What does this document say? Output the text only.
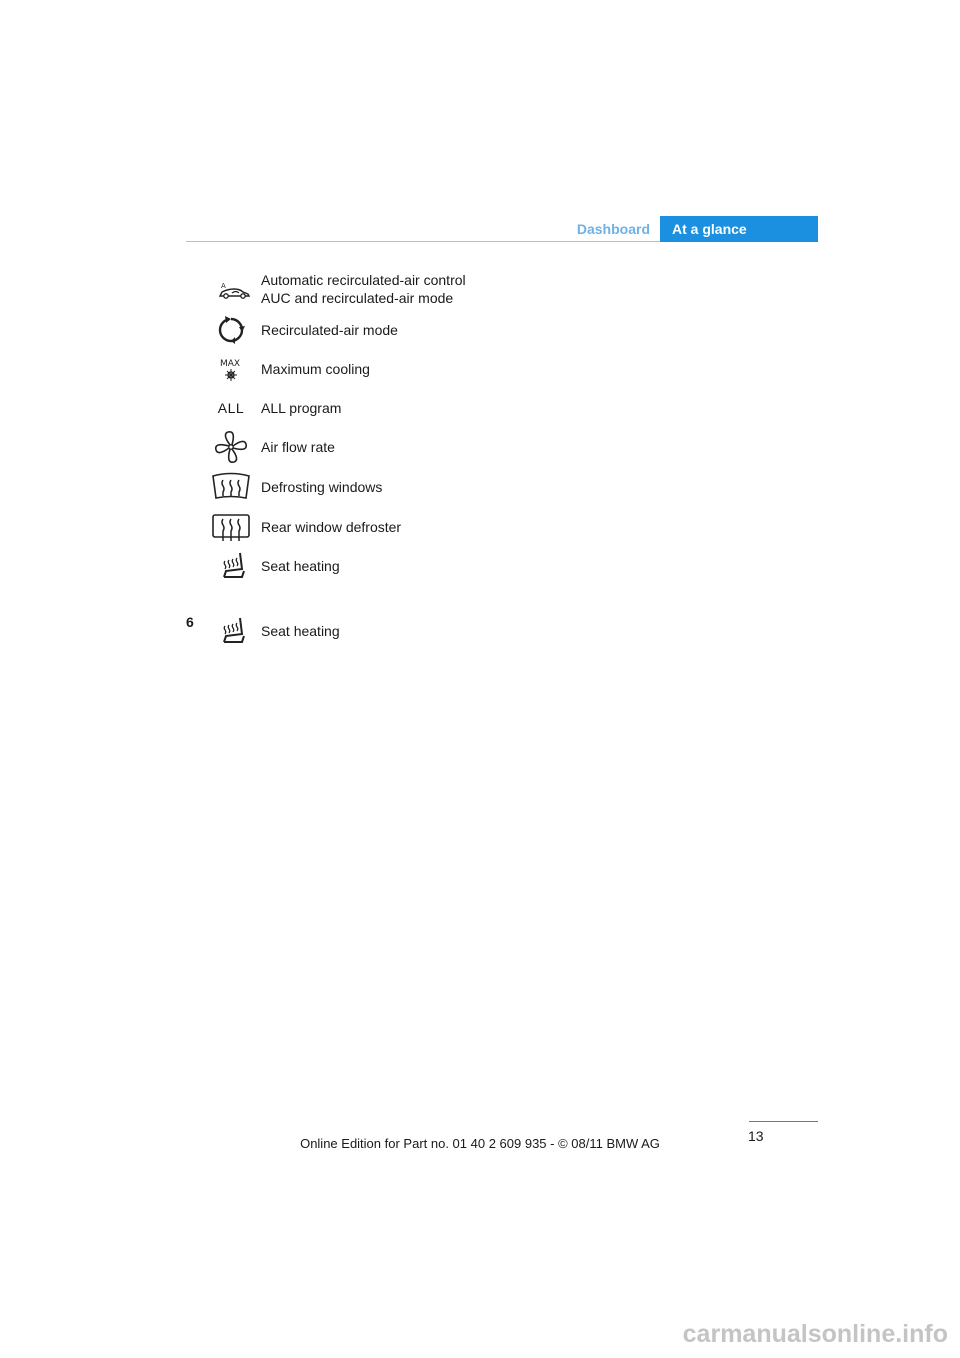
Dashboard	At a glance
A	Automatic recirculated-air control
AUC and recirculated-air mode
Recirculated-air mode
MAX Maximum cooling
ALL	ALL program
Air flow rate
Defrosting windows
Rear window defroster
Seat heating
6
Seat heating
13
Online Edition for Part no. 01 40 2 609 935 - © 08/11 BMW AG
carmanualsonline.info
